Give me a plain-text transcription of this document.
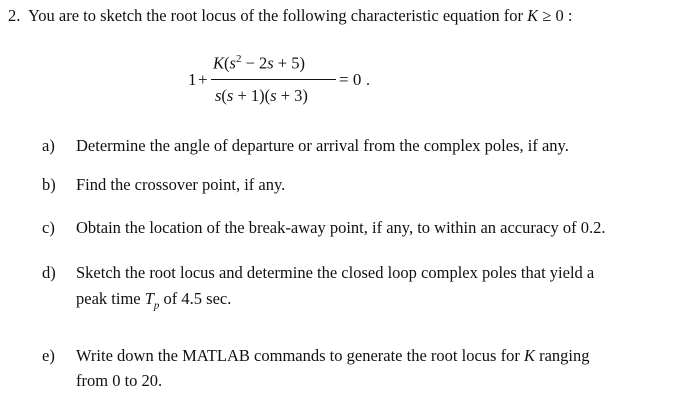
2. You are to sketch the root locus of the following characteristic equation for K ≥ 0 :
1 +
$K(s^2 - 2s + 5)$
s(s + 1)(s + 3)
= 0 .
a) Determine the angle of departure or arrival from the complex poles, if any.
b) Find the crossover point, if any.
c) Obtain the location of the break-away point, if any, to within an accuracy of 0.2.
d) Sketch the root locus and determine the closed loop complex poles that yield a
peak time $T_p$ of 4.5 sec.
e) Write down the MATLAB commands to generate the root locus for K ranging
from 0 to 20.
